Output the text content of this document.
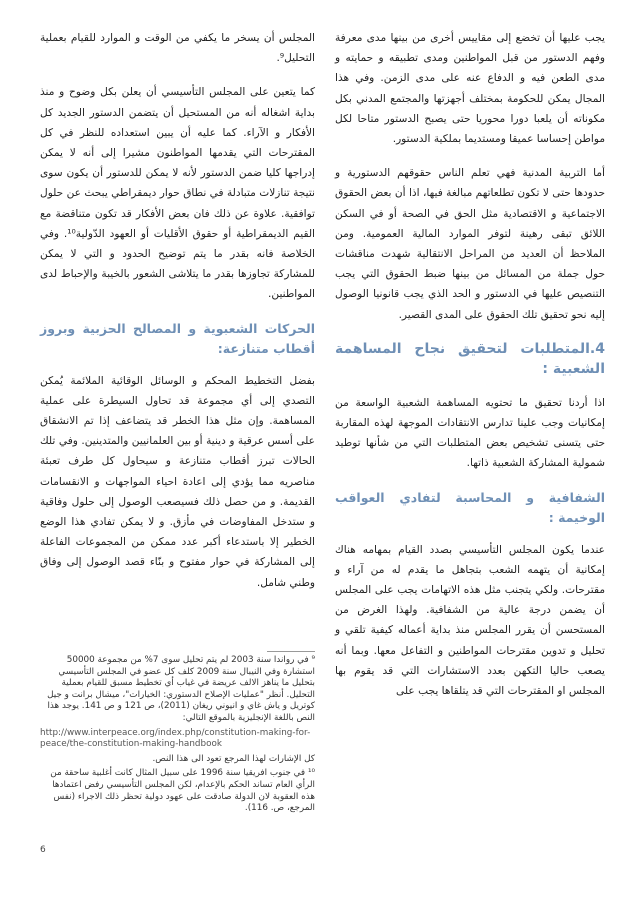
يجب عليها أن تخضع إلى مقاييس أخرى من بينها مدى معرفة وفهم الدستور من قبل المواطنين ومدى تطبيقه و حمايته و مدى الطعن فيه و الدفاع عنه على مدى الزمن. وفي هذا المجال يمكن للحكومة بمختلف أجهزتها والمجتمع المدني بكل مكوناته أن يلعبا دورا محوريا حتى يصبح الدستور متاحا لكل مواطن إحساسا عميقا ومستديما بملكية الدستور.

أما التربية المدنية فهي تعلم الناس حقوقهم الدستورية و حدودها حتى لا تكون تطلعاتهم مبالغة فيها، اذا أن بعض الحقوق الاجتماعية و الاقتصادية مثل الحق في الصحة أو في السكن اللائق تبقى رهينة لتوفر الموارد المالية العمومية. ومن الملاحظ أن العديد من المراحل الانتقالية شهدت مناقشات حول جملة من المسائل من بينها ضبط الحقوق التي يجب التنصيص عليها في الدستور و الحد الذي يجب قانونيا الوصول إليه نحو تحقيق تلك الحقوق على المدى القصير.

4.المتطلبات لتحقيق نجاح المساهمة الشعبية :

اذا أردنا تحقيق ما تحتويه المساهمة الشعبية الواسعة من إمكانيات وجب علينا تدارس الانتقادات الموجهة لهذه المقاربة حتى يتسنى تشخيص بعض المتطلبات التي من شأنها توطيد شمولية المشاركة الشعبية ذاتها.

الشفافية و المحاسبة لتفادي العواقب الوخيمة :

عندما يكون المجلس التأسيسي بصدد القيام بمهامه هناك إمكانية أن يتهمه الشعب بتجاهل ما يقدم له من آراء و مقترحات. ولكي يتجنب مثل هذه الاتهامات يجب على المجلس أن يضمن درجة عالية من الشفافية. ولهذا الغرض من المستحسن أن يقرر المجلس منذ بداية أعماله كيفية تلقي و تحليل و تدوين مقترحات المواطنين و التفاعل معها. وبما أنه يصعب حاليا التكهن بعدد الاستشارات التي قد يقوم بها المجلس او المقترحات التي قد يتلقاها يجب على

المجلس أن يسخر ما يكفي من الوقت و الموارد للقيام بعملية التحليل⁹.

كما يتعين على المجلس التأسيسي أن يعلن بكل وضوح و منذ بداية اشغاله أنه من المستحيل أن يتضمن الدستور الجديد كل الأفكار و الآراء. كما عليه أن يبين استعداده للنظر في كل المقترحات التي يقدمها المواطنون مشيرا إلى أنه لا يمكن إدراجها كليا ضمن الدستور لأنه لا يمكن للدستور أن يكون سوى نتيجة تنازلات متبادلة في نطاق حوار ديمقراطي يبحث عن حلول توافقية. علاوة عن ذلك فان بعض الأفكار قد تكون متناقضة مع القيم الديمقراطية أو حقوق الأقليات أو العهود الدّولية¹⁰. وفي الخلاصة فانه بقدر ما يتم توضيح الحدود و التي لا يمكن للمشاركة تجاوزها بقدر ما يتلاشى الشعور بالخيبة والإحباط لدى المواطنين.

الحركات الشعبوية و المصالح الحزبية وبروز أقطاب متنازعة:

بفضل التخطيط المحكم و الوسائل الوقائية الملائمة يُمكن التصدي إلى أي مجموعة قد تحاول السيطرة على عملية المساهمة. وإن مثل هذا الخطر قد يتضاعف إذا تم الانشقاق على أسس عرقية و دينية أو بين العلمانيين والمتدينين. وفي تلك الحالات تبرز أقطاب متنازعة و سيحاول كل طرف تعبئة مناصريه مما يؤدي إلى اعادة احياء المواجهات و الانقسامات القديمة. و من حصل ذلك فسيصعب الوصول إلى حلول وفاقية و ستدخل المفاوضات في مأزق. و لا يمكن تفادي هذا الوضع الخطير إلا باستدعاء أكبر عدد ممكن من المجموعات الفاعلة إلى المشاركة في حوار مفتوح و بنّاء قصد الوصول إلى وفاق وطني شامل.

⁹ في رواندا سنة 2003 لم يتم تحليل سوى 7% من مجموعة 50000 استشارة وفي النيبال سنة 2009 كلف كل عضو في المجلس التأسيسي بتحليل ما يناهز الالف عريضة في غياب أي تخطيط مسبق للقيام بعملية التحليل. أنظر "عمليات الإصلاح الدستوري: الخيارات"، ميشال برانت و جيل كوتريل و ياش غاي و انيوني ريغان (2011)، ص 121 و ص 141. يوجد هذا النص باللغة الإنجليزية بالموقع التالي:

http://www.interpeace.org/index.php/constitution-making-for-peace/the-constitution-making-handbook

كل الإشارات لهذا المرجع تعود الى هذا النص.

¹⁰ في جنوب افريقيا سنة 1996 على سبيل المثال كانت أغلبية ساحقة من الرأي العام تساند الحكم بالإعدام، لكن المجلس التأسيسي رفض اعتمادها هذه العقوبة لان الدولة صادقت على عهود دولية تحظر ذلك الاجراء (نفس المرجع، ص. 116).

6
